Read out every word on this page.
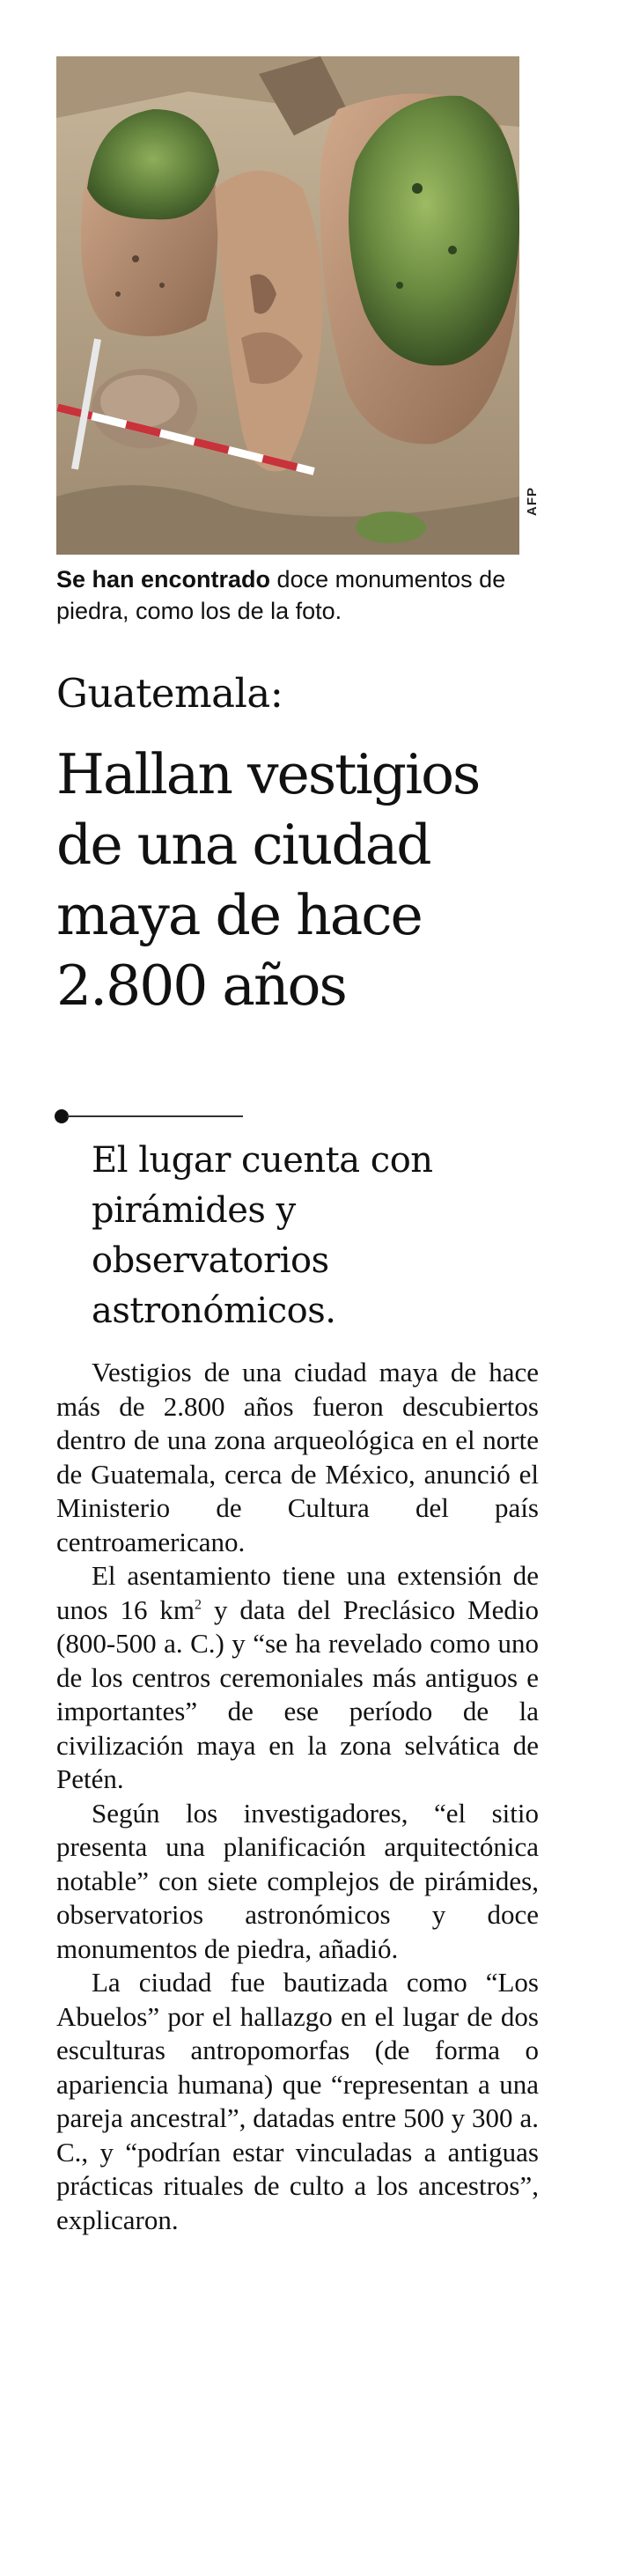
AFP
Se han encontrado doce monumentos de piedra, como los de la foto.
Guatemala:
Hallan vestigios
de una ciudad
maya de hace
2.800 años
El lugar cuenta con
pirámides y
observatorios
astronómicos.

Vestigios de una ciudad maya de hace más de 2.800 años fueron descubiertos dentro de una zona arqueológica en el norte de Guatemala, cerca de México, anunció el Ministerio de Cultura del país centroamericano.

El asentamiento tiene una extensión de unos 16 $km^2$ y data del Preclásico Medio (800-500 a. C.) y “se ha revelado como uno de los centros ceremoniales más antiguos e importantes” de ese período de la civilización maya en la zona selvática de Petén.

Según los investigadores, “el sitio presenta una planificación arquitectónica notable” con siete complejos de pirámides, observatorios astronómicos y doce monumentos de piedra, añadió.

La ciudad fue bautizada como “Los Abuelos” por el hallazgo en el lugar de dos esculturas antropomorfas (de forma o apariencia humana) que “representan a una pareja ancestral”, datadas entre 500 y 300 a. C., y “podrían estar vinculadas a antiguas prácticas rituales de culto a los ancestros”, explicaron.
